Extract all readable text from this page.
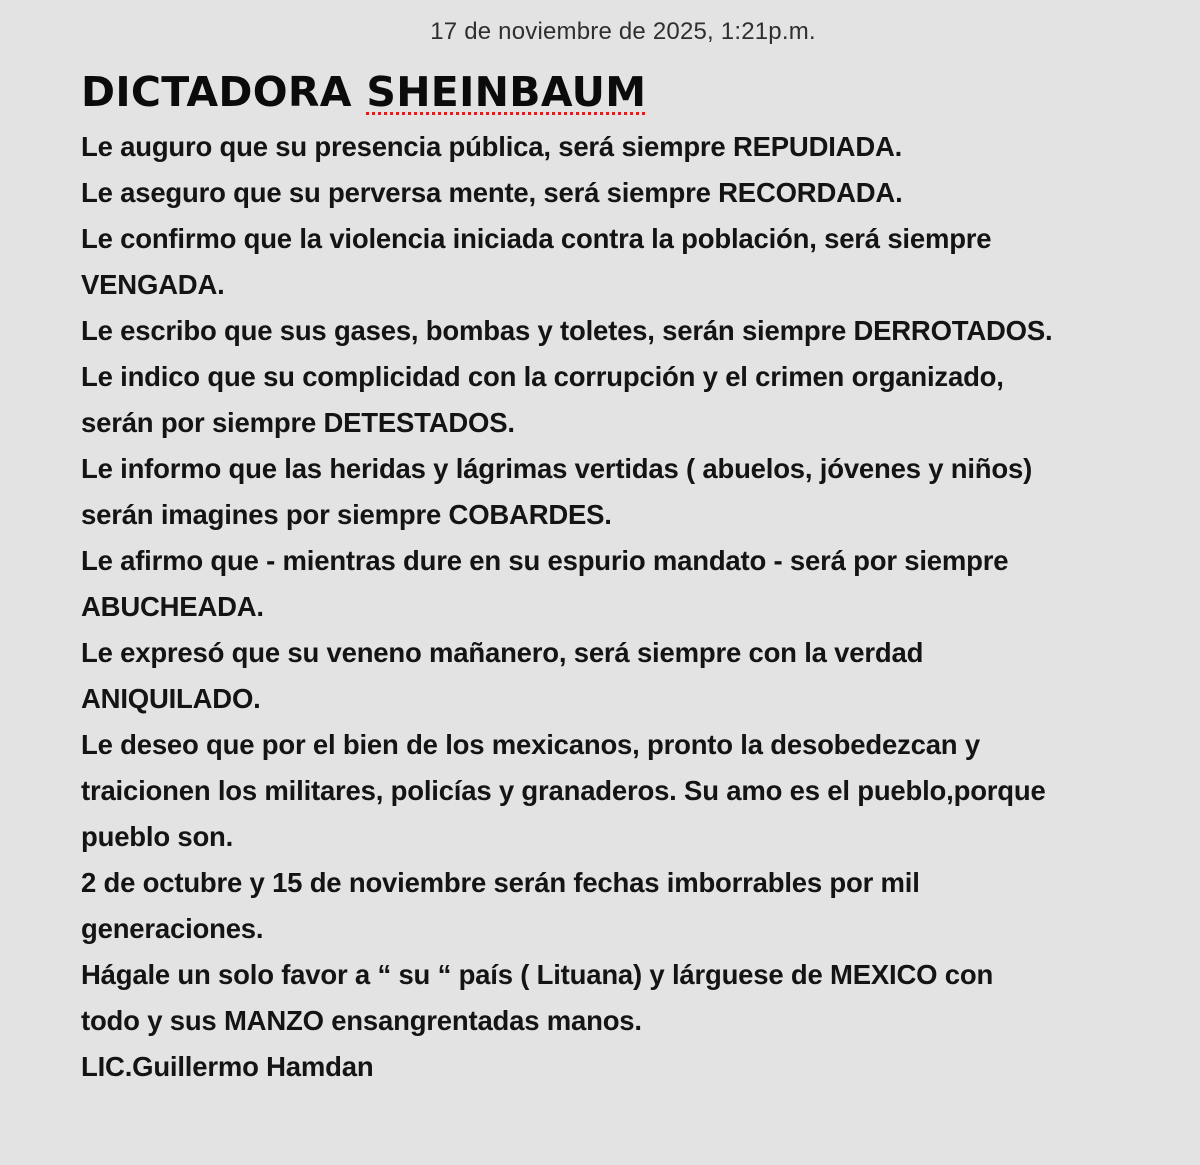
17 de noviembre de 2025, 1:21p.m.
DICTADORA SHEINBAUM
Le auguro que su presencia pública, será siempre REPUDIADA.
Le aseguro que su perversa mente, será siempre RECORDADA.
Le confirmo que la violencia iniciada contra la población, será siempre
VENGADA.
Le escribo que sus gases, bombas y toletes, serán siempre DERROTADOS.
Le indico que su complicidad con la corrupción y el crimen organizado,
serán por siempre DETESTADOS.
Le informo que las heridas y lágrimas vertidas ( abuelos, jóvenes y niños)
serán imagines por siempre COBARDES.
Le afirmo que - mientras dure en su espurio mandato - será por siempre
ABUCHEADA.
Le expresó que su veneno mañanero, será siempre con la verdad
ANIQUILADO.
Le deseo que por el bien de los mexicanos, pronto la desobedezcan y
traicionen los militares, policías y granaderos. Su amo es el pueblo,porque
pueblo son.
2 de octubre y 15 de noviembre serán fechas imborrables por mil
generaciones.
Hágale un solo favor a “ su “ país ( Lituana) y lárguese de MEXICO con
todo y sus MANZO ensangrentadas manos.
LIC.Guillermo Hamdan
